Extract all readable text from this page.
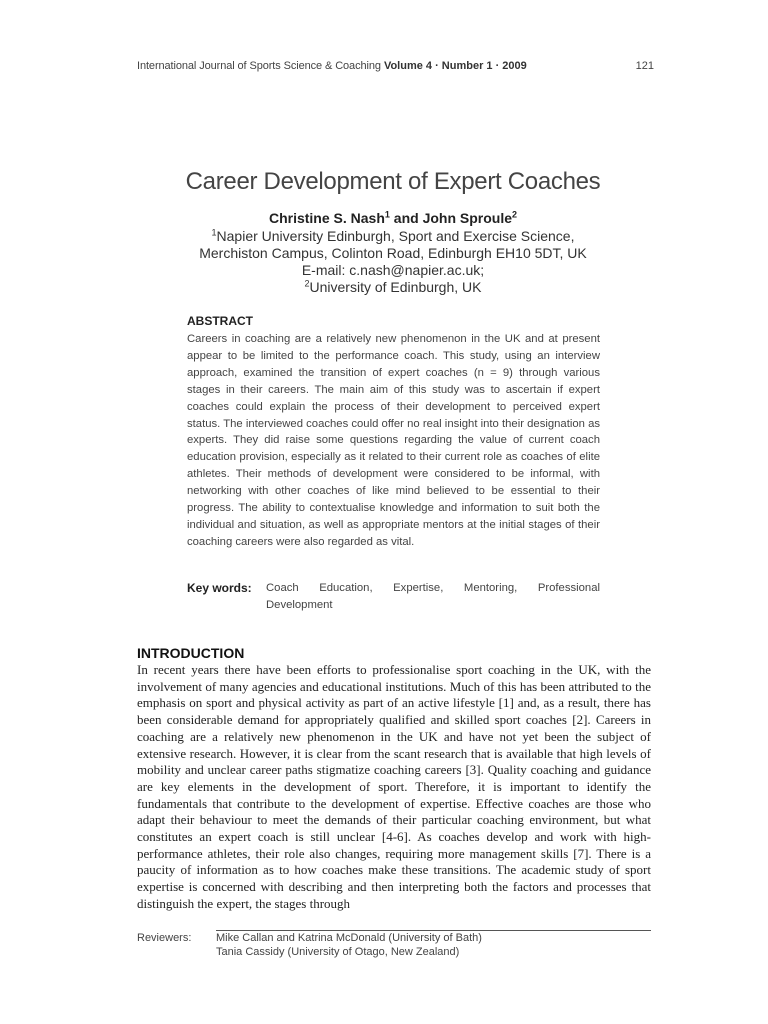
International Journal of Sports Science & Coaching Volume 4 · Number 1 · 2009	121
Career Development of Expert Coaches
Christine S. Nash$^1$ and John Sproule$^2$
$^1$Napier University Edinburgh, Sport and Exercise Science,
Merchiston Campus, Colinton Road, Edinburgh EH10 5DT, UK
E-mail: c.nash@napier.ac.uk;
$^2$University of Edinburgh, UK
ABSTRACT

Careers in coaching are a relatively new phenomenon in the UK and at present appear to be limited to the performance coach. This study, using an interview approach, examined the transition of expert coaches (n = 9) through various stages in their careers. The main aim of this study was to ascertain if expert coaches could explain the process of their development to perceived expert status. The interviewed coaches could offer no real insight into their designation as experts. They did raise some questions regarding the value of current coach education provision, especially as it related to their current role as coaches of elite athletes. Their methods of development were considered to be informal, with networking with other coaches of like mind believed to be essential to their progress. The ability to contextualise knowledge and information to suit both the individual and situation, as well as appropriate mentors at the initial stages of their coaching careers were also regarded as vital.

Key words: Coach Education, Expertise, Mentoring, Professional Development
INTRODUCTION

In recent years there have been efforts to professionalise sport coaching in the UK, with the involvement of many agencies and educational institutions. Much of this has been attributed to the emphasis on sport and physical activity as part of an active lifestyle [1] and, as a result, there has been considerable demand for appropriately qualified and skilled sport coaches [2]. Careers in coaching are a relatively new phenomenon in the UK and have not yet been the subject of extensive research. However, it is clear from the scant research that is available that high levels of mobility and unclear career paths stigmatize coaching careers [3]. Quality coaching and guidance are key elements in the development of sport. Therefore, it is important to identify the fundamentals that contribute to the development of expertise. Effective coaches are those who adapt their behaviour to meet the demands of their particular coaching environment, but what constitutes an expert coach is still unclear [4-6]. As coaches develop and work with high-performance athletes, their role also changes, requiring more management skills [7]. There is a paucity of information as to how coaches make these transitions. The academic study of sport expertise is concerned with describing and then interpreting both the factors and processes that distinguish the expert, the stages through

Reviewers: Mike Callan and Katrina McDonald (University of Bath)
Tania Cassidy (University of Otago, New Zealand)
